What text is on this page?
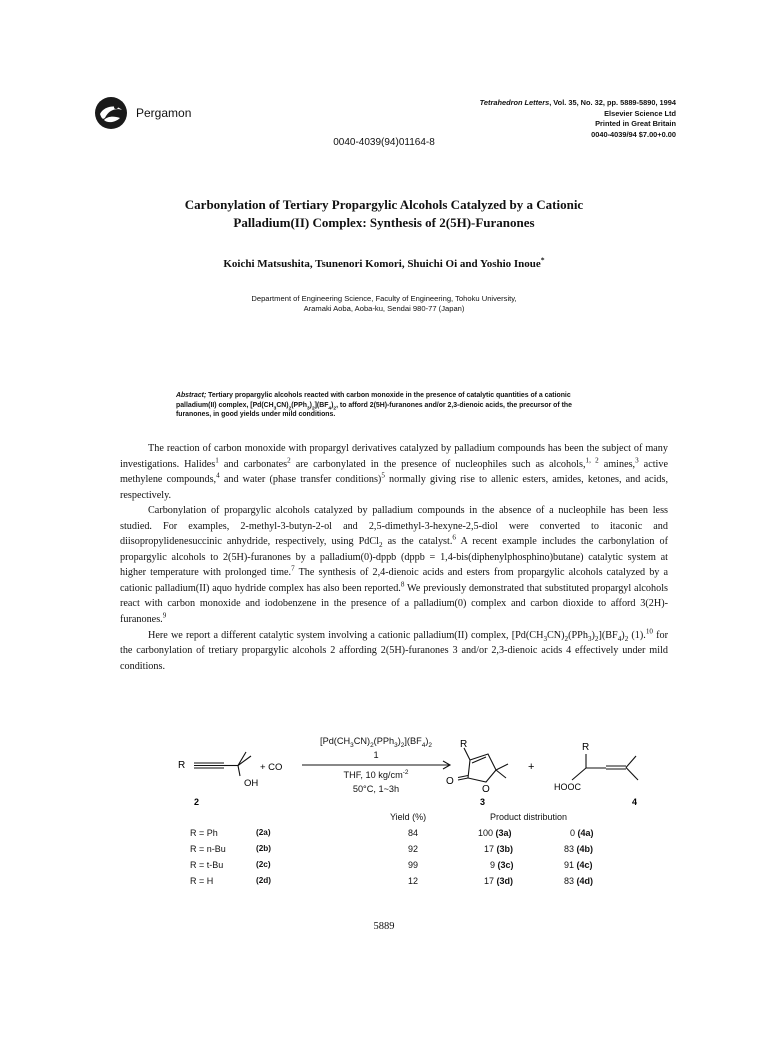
Pergamon
Tetrahedron Letters, Vol. 35, No. 32, pp. 5889-5890, 1994
Elsevier Science Ltd
Printed in Great Britain
0040-4039/94 $7.00+0.00
0040-4039(94)01164-8
Carbonylation of Tertiary Propargylic Alcohols Catalyzed by a Cationic
Palladium(II) Complex: Synthesis of 2(5H)-Furanones
Koichi Matsushita, Tsunenori Komori, Shuichi Oi and Yoshio Inoue*
Department of Engineering Science, Faculty of Engineering, Tohoku University,
Aramaki Aoba, Aoba-ku, Sendai 980-77 (Japan)
Abstract; Tertiary propargylic alcohols reacted with carbon monoxide in the presence of catalytic quantities of a cationic palladium(II) complex, $[Pd(CH_3CN)_2(PPh_3)_2](BF_4)_2$, to afford 2(5H)-furanones and/or 2,3-dienoic acids, the precursor of the furanones, in good yields under mild conditions.

The reaction of carbon monoxide with propargyl derivatives catalyzed by palladium compounds has been the subject of many investigations. Halides$^1$ and carbonates$^2$ are carbonylated in the presence of nucleophiles such as alcohols,$^{1, 2}$ amines,$^3$ active methylene compounds,$^4$ and water (phase transfer conditions)$^5$ normally giving rise to allenic esters, amides, ketones, and acids, respectively.

Carbonylation of propargylic alcohols catalyzed by palladium compounds in the absence of a nucleophile has been less studied. For examples, 2-methyl-3-butyn-2-ol and 2,5-dimethyl-3-hexyne-2,5-diol were converted to itaconic and diisopropylidenesuccinic anhydride, respectively, using PdCl$_2$ as the catalyst.$^6$ A recent example includes the carbonylation of propargylic alcohols to 2(5H)-furanones by a palladium(0)-dppb (dppb = 1,4-bis(diphenylphosphino)butane) catalytic system at higher temperature with prolonged time.$^7$ The synthesis of 2,4-dienoic acids and esters from propargylic alcohols catalyzed by a cationic palladium(II) aquo hydride complex has also been reported.$^8$ We previously demonstrated that substituted propargyl alcohols react with carbon monoxide and iodobenzene in the presence of a palladium(0) complex and carbon dioxide to afford 3(2H)-furanones.$^9$

Here we report a different catalytic system involving a cationic palladium(II) complex, $[Pd(CH_3CN)_2(PPh_3)_2](BF_4)_2$ (1).$^{10}$ for the carbonylation of tretiary propargylic alcohols 2 affording 2(5H)-furanones 3 and/or 2,3-dienoic acids 4 effectively under mild conditions.

R
OH
+ CO
R
O
O
+
R
HOOC
2	3	4
$[Pd(CH_3CN)_2(PPh_3)_2](BF_4)_2$
1
THF, 10 $kg/cm^{-2}$
50°C, 1~3h
Yield (%)	Product distribution
R = Ph	(2a)	84	100 (3a)	0 (4a)
R = n-Bu	(2b)	92	17 (3b)	83 (4b)
R = t-Bu	(2c)	99	9 (3c)	91 (4c)
R = H	(2d)	12	17 (3d)	83 (4d)
5889
